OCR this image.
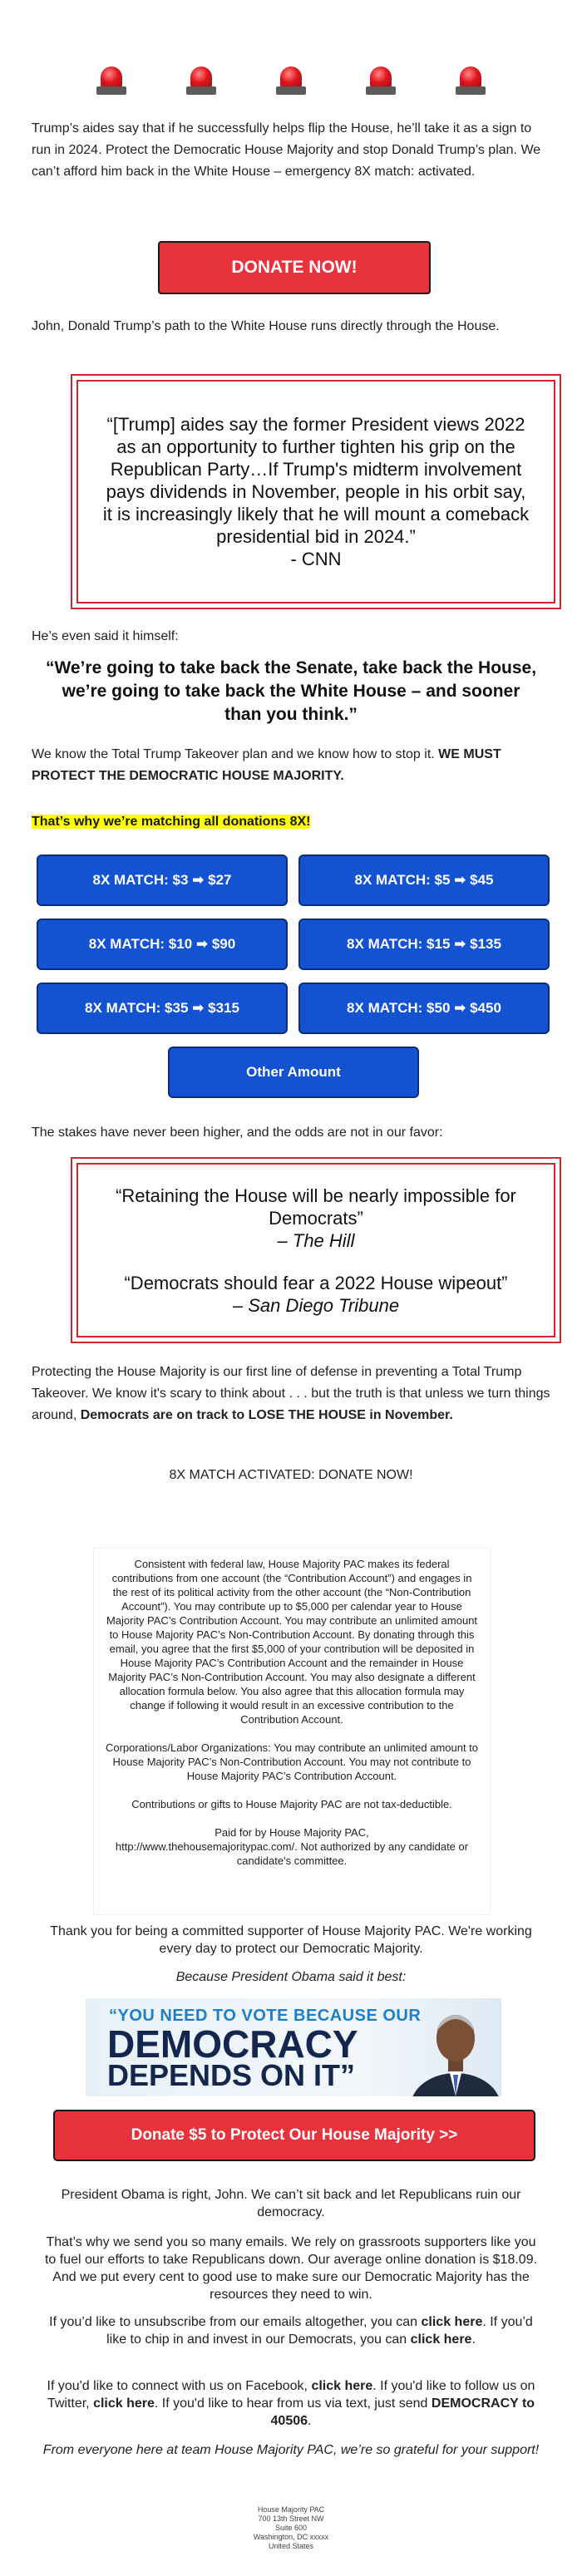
Trump’s aides say that if he successfully helps flip the House, he’ll take it as a sign to run in 2024. Protect the Democratic House Majority and stop Donald Trump’s plan. We can’t afford him back in the White House – emergency 8X match: activated.

DONATE NOW!

John, Donald Trump’s path to the White House runs directly through the House.

“[Trump] aides say the former President views 2022 as an opportunity to further tighten his grip on the Republican Party…If Trump's midterm involvement pays dividends in November, people in his orbit say, it is increasingly likely that he will mount a comeback presidential bid in 2024.”
- CNN

He’s even said it himself:

“We’re going to take back the Senate, take back the House, we’re going to take back the White House – and sooner than you think.”

We know the Total Trump Takeover plan and we know how to stop it. WE MUST PROTECT THE DEMOCRATIC HOUSE MAJORITY.

That’s why we’re matching all donations 8X!
8X MATCH: $3 ➡ $27	8X MATCH: $5 ➡ $45
8X MATCH: $10 ➡ $90	8X MATCH: $15 ➡ $135
8X MATCH: $35 ➡ $315	8X MATCH: $50 ➡ $450
Other Amount

The stakes have never been higher, and the odds are not in our favor:

“Retaining the House will be nearly impossible for Democrats”
– The Hill
“Democrats should fear a 2022 House wipeout”
– San Diego Tribune

Protecting the House Majority is our first line of defense in preventing a Total Trump Takeover. We know it's scary to think about . . . but the truth is that unless we turn things around, Democrats are on track to LOSE THE HOUSE in November.

8X MATCH ACTIVATED: DONATE NOW!

Consistent with federal law, House Majority PAC makes its federal contributions from one account (the “Contribution Account”) and engages in the rest of its political activity from the other account (the “Non-Contribution Account”). You may contribute up to $5,000 per calendar year to House Majority PAC’s Contribution Account. You may contribute an unlimited amount to House Majority PAC’s Non-Contribution Account. By donating through this email, you agree that the first $5,000 of your contribution will be deposited in House Majority PAC’s Contribution Account and the remainder in House Majority PAC’s Non-Contribution Account. You may also designate a different allocation formula below. You also agree that this allocation formula may change if following it would result in an excessive contribution to the Contribution Account.

Corporations/Labor Organizations: You may contribute an unlimited amount to House Majority PAC’s Non-Contribution Account. You may not contribute to House Majority PAC’s Contribution Account.

Contributions or gifts to House Majority PAC are not tax-deductible.

Paid for by House Majority PAC,
http://www.thehousemajoritypac.com/. Not authorized by any candidate or candidate's committee.

Thank you for being a committed supporter of House Majority PAC. We're working every day to protect our Democratic Majority.
Because President Obama said it best:
“YOU NEED TO VOTE BECAUSE OUR
DEMOCRACY
DEPENDS ON IT”
Donate $5 to Protect Our House Majority >>
President Obama is right, John. We can’t sit back and let Republicans ruin our democracy.
That’s why we send you so many emails. We rely on grassroots supporters like you to fuel our efforts to take Republicans down. Our average online donation is $18.09. And we put every cent to good use to make sure our Democratic Majority has the resources they need to win.
If you’d like to unsubscribe from our emails altogether, you can click here. If you’d like to chip in and invest in our Democrats, you can click here.
If you'd like to connect with us on Facebook, click here. If you'd like to follow us on Twitter, click here. If you'd like to hear from us via text, just send DEMOCRACY to 40506.
From everyone here at team House Majority PAC, we’re so grateful for your support!
House Majority PAC
700 13th Street NW
Suite 600
Washington, DC xxxxx
United States
